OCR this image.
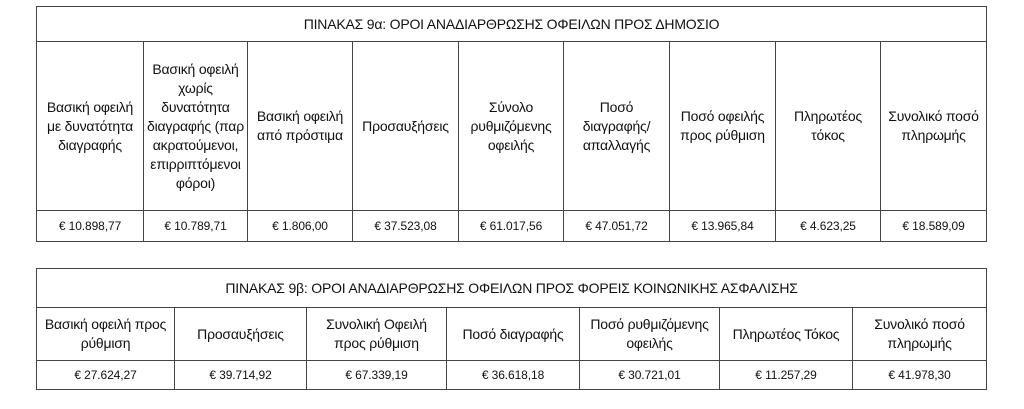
ΠΙΝΑΚΑΣ 9α: ΟΡΟΙ ΑΝΑΔΙΑΡΘΡΩΣΗΣ ΟΦΕΙΛΩΝ ΠΡΟΣ ΔΗΜΟΣΙΟ								
Βασική οφειλή με δυνατότητα διαγραφής	Βασική οφειλή χωρίς δυνατότητα διαγραφής (παρ ακρατούμενοι, επιρριπτόμενοι φόροι)	Βασική οφειλή από πρόστιμα	Προσαυξήσεις	Σύνολο ρυθμιζόμενης οφειλής	Ποσό διαγραφής/ απαλλαγής	Ποσό οφειλής προς ρύθμιση	Πληρωτέος τόκος	Συνολικό ποσό πληρωμής
€ 10.898,77	€ 10.789,71	€ 1.806,00	€ 37.523,08	€ 61.017,56	€ 47.051,72	€ 13.965,84	€ 4.623,25	€ 18.589,09
ΠΙΝΑΚΑΣ 9β: ΟΡΟΙ ΑΝΑΔΙΑΡΘΡΩΣΗΣ ΟΦΕΙΛΩΝ ΠΡΟΣ ΦΟΡΕΙΣ ΚΟΙΝΩΝΙΚΗΣ ΑΣΦΑΛΙΣΗΣ						
Βασική οφειλή προς ρύθμιση	Προσαυξήσεις	Συνολική Οφειλή προς ρύθμιση	Ποσό διαγραφής	Ποσό ρυθμιζόμενης οφειλής	Πληρωτέος Τόκος	Συνολικό ποσό πληρωμής
€ 27.624,27	€ 39.714,92	€ 67.339,19	€ 36.618,18	€ 30.721,01	€ 11.257,29	€ 41.978,30
